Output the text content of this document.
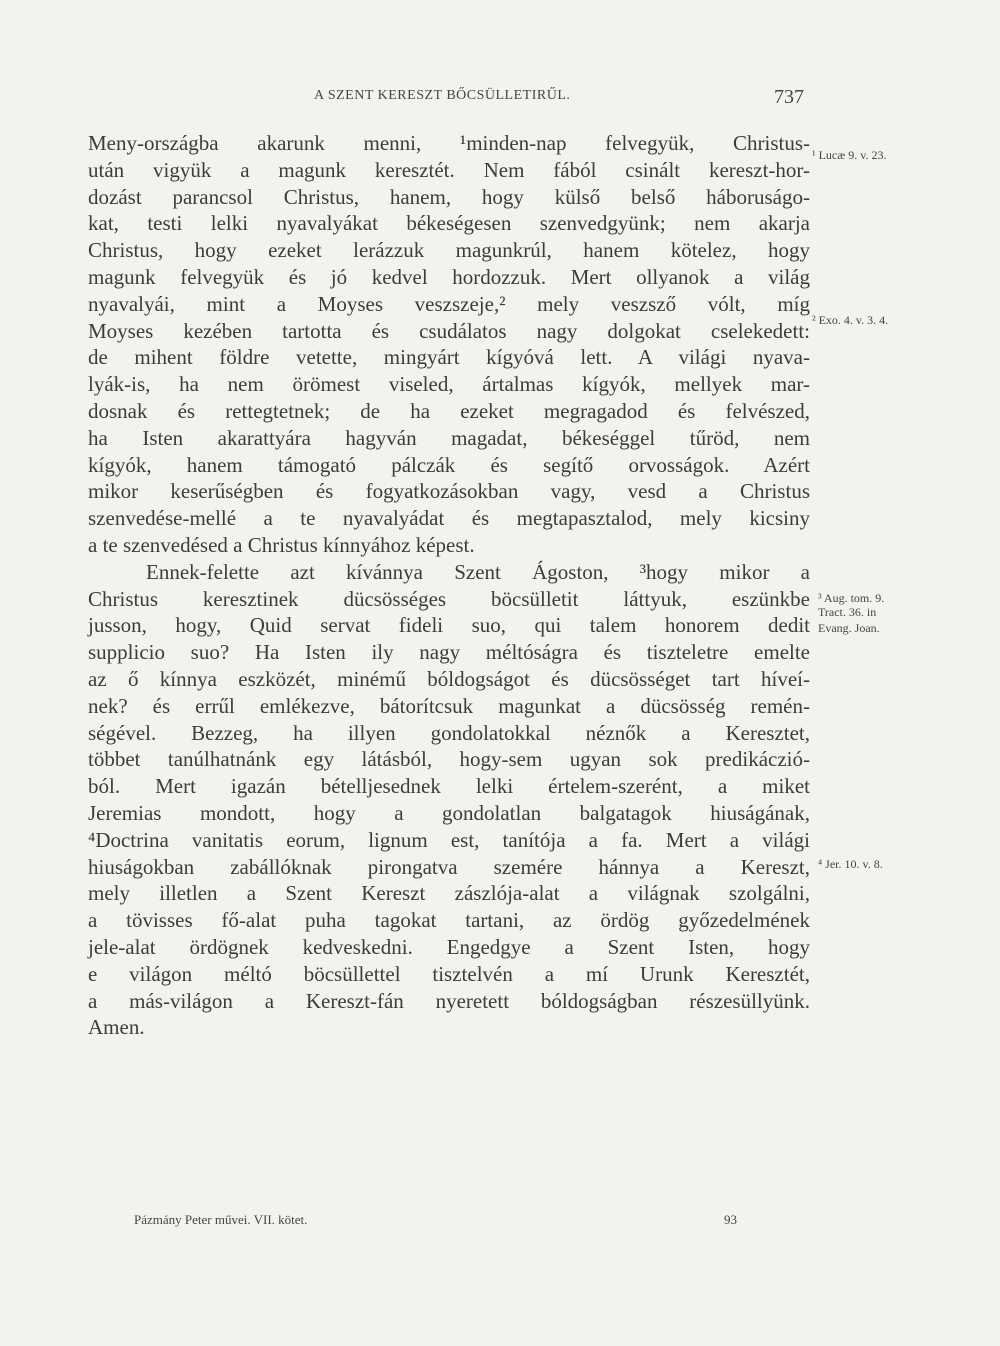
A SZENT KERESZT BŐCSÜLLETIRŰL.	737
Meny-országba akarunk menni, ¹minden-nap felvegyük, Christus-
után vigyük a magunk keresztét. Nem fából csinált kereszt-hor-
dozást parancsol Christus, hanem, hogy külső belső háboruságo-
kat, testi lelki nyavalyákat békeségesen szenvedgyünk; nem akarja
Christus, hogy ezeket lerázzuk magunkrúl, hanem kötelez, hogy
magunk felvegyük és jó kedvel hordozzuk. Mert ollyanok a világ
nyavalyái, mint a Moyses veszszeje,² mely veszsző vólt, míg
Moyses kezében tartotta és csudálatos nagy dolgokat cselekedett:
de mihent földre vetette, mingyárt kígyóvá lett. A világi nyava-
lyák-is, ha nem örömest viseled, ártalmas kígyók, mellyek mar-
dosnak és rettegtetnek; de ha ezeket megragadod és felvészed,
ha Isten akarattyára hagyván magadat, békeséggel tűröd, nem
kígyók, hanem támogató pálczák és segítő orvosságok. Azért
mikor keserűségben és fogyatkozásokban vagy, vesd a Christus
szenvedése-mellé a te nyavalyádat és megtapasztalod, mely kicsiny
a te szenvedésed a Christus kínnyához képest.
Ennek-felette azt kívánnya Szent Ágoston, ³hogy mikor a
Christus keresztinek dücsösséges böcsülletit láttyuk, eszünkbe
jusson, hogy, Quid servat fideli suo, qui talem honorem dedit
supplicio suo? Ha Isten ily nagy méltóságra és tiszteletre emelte
az ő kínnya eszközét, minémű bóldogságot és dücsösséget tart híveí-
nek? és errűl emlékezve, bátorítcsuk magunkat a dücsösség remén-
ségével. Bezzeg, ha illyen gondolatokkal néznők a Keresztet,
többet tanúlhatnánk egy látásból, hogy-sem ugyan sok predikáczió-
ból. Mert igazán bételljesednek lelki értelem-szerént, a miket
Jeremias mondott, hogy a gondolatlan balgatagok hiuságának,
⁴Doctrina vanitatis eorum, lignum est, tanítója a fa. Mert a világi
hiuságokban zabállóknak pirongatva szemére hánnya a Kereszt,
mely illetlen a Szent Kereszt zászlója-alat a világnak szolgálni,
a tövisses fő-alat puha tagokat tartani, az ördög győzedelmének
jele-alat ördögnek kedveskedni. Engedgye a Szent Isten, hogy
e világon méltó böcsüllettel tisztelvén a mí Urunk Keresztét,
a más-világon a Kereszt-fán nyeretett bóldogságban részesüllyünk.
Amen.
¹ Lucæ 9. v. 23.
² Exo. 4. v. 3. 4.
³ Aug. tom. 9.
Tract. 36. in
Evang. Joan.
⁴ Jer. 10. v. 8.
Pázmány Peter művei. VII. kötet.	93
